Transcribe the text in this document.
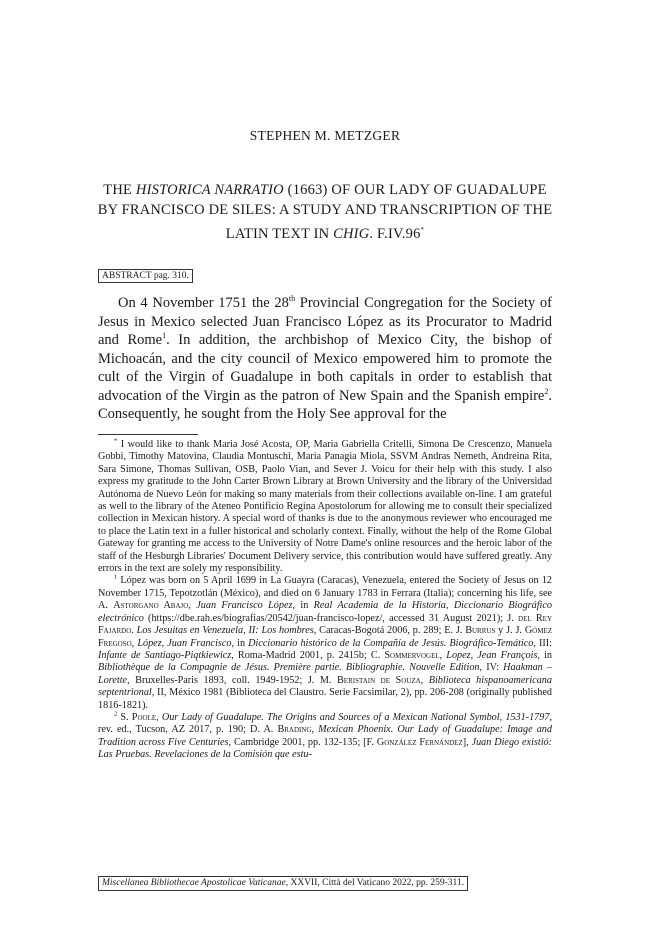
STEPHEN M. METZGER
THE HISTORICA NARRATIO (1663) OF OUR LADY OF GUADALUPE BY FRANCISCO DE SILES: A STUDY AND TRANSCRIPTION OF THE LATIN TEXT IN CHIG. F.IV.96*
ABSTRACT pag. 310.

On 4 November 1751 the 28th Provincial Congregation for the Society of Jesus in Mexico selected Juan Francisco López as its Procurator to Madrid and Rome$^1$. In addition, the archbishop of Mexico City, the bishop of Michoacán, and the city council of Mexico empowered him to promote the cult of the Virgin of Guadalupe in both capitals in order to establish that advocation of the Virgin as the patron of New Spain and the Spanish empire$^2$. Consequently, he sought from the Holy See approval for the

* I would like to thank Maria José Acosta, OP, Maria Gabriella Critelli, Simona De Crescenzo, Manuela Gobbi, Timothy Matovina, Claudia Montuschi, Maria Panagia Miola, SSVM Andras Nemeth, Andreina Rita, Sara Simone, Thomas Sullivan, OSB, Paolo Vian, and Sever J. Voicu for their help with this study. I also express my gratitude to the John Carter Brown Library at Brown University and the library of the Universidad Autónoma de Nuevo León for making so many materials from their collections available on-line. I am grateful as well to the library of the Ateneo Pontificio Regina Apostolorum for allowing me to consult their specialized collection in Mexican history. A special word of thanks is due to the anonymous reviewer who encouraged me to place the Latin text in a fuller historical and scholarly context. Finally, without the help of the Rome Global Gateway for granting me access to the University of Notre Dame's online resources and the heroic labor of the staff of the Hesburgh Libraries' Document Delivery service, this contribution would have suffered greatly. Any errors in the text are solely my responsibility.

$^1$ López was born on 5 April 1699 in La Guayra (Caracas), Venezuela, entered the Society of Jesus on 12 November 1715, Tepotzotlán (México), and died on 6 January 1783 in Ferrara (Italia); concerning his life, see A. Astorgano Abajo, Juan Francisco López, in Real Academia de la Historia, Diccionario Biográfico electrónico (https://dbe.rah.es/biografias/20542/juan-francisco-lopez/, accessed 31 August 2021); J. del Rey Fajardo. Los Jesuitas en Venezuela, II: Los hombres, Caracas-Bogotá 2006, p. 289; E. J. Burrus y J. J. Gómez Fregoso, López, Juan Francisco, in Diccionario histórico de la Compañía de Jesús. Biográfico-Temático, III: Infante de Santiago-Piątkiewicz, Roma-Madrid 2001, p. 2415b; C. Sommervogel, Lopez, Jean François, in Bibliothèque de la Compagnie de Jésus. Première partie. Bibliographie. Nouvelle Edition, IV: Haakman – Lorette, Bruxelles-Paris 1893, coll. 1949-1952; J. M. Beristain de Souza, Biblioteca hispanoamericana septentrional, II, México 1981 (Biblioteca del Claustro. Serie Facsimilar, 2), pp. 206-208 (originally published 1816-1821).

$^2$ S. Poole, Our Lady of Guadalupe. The Origins and Sources of a Mexican National Symbol, 1531-1797, rev. ed., Tucson, AZ 2017, p. 190; D. A. Brading, Mexican Phoenix. Our Lady of Guadalupe: Image and Tradition across Five Centuries, Cambridge 2001, pp. 132-135; [F. González Fernández], Juan Diego existió: Las Pruebas. Revelaciones de la Comisión que estu-

Miscellanea Bibliothecae Apostolicae Vaticanae, XXVII, Città del Vaticano 2022, pp. 259-311.
